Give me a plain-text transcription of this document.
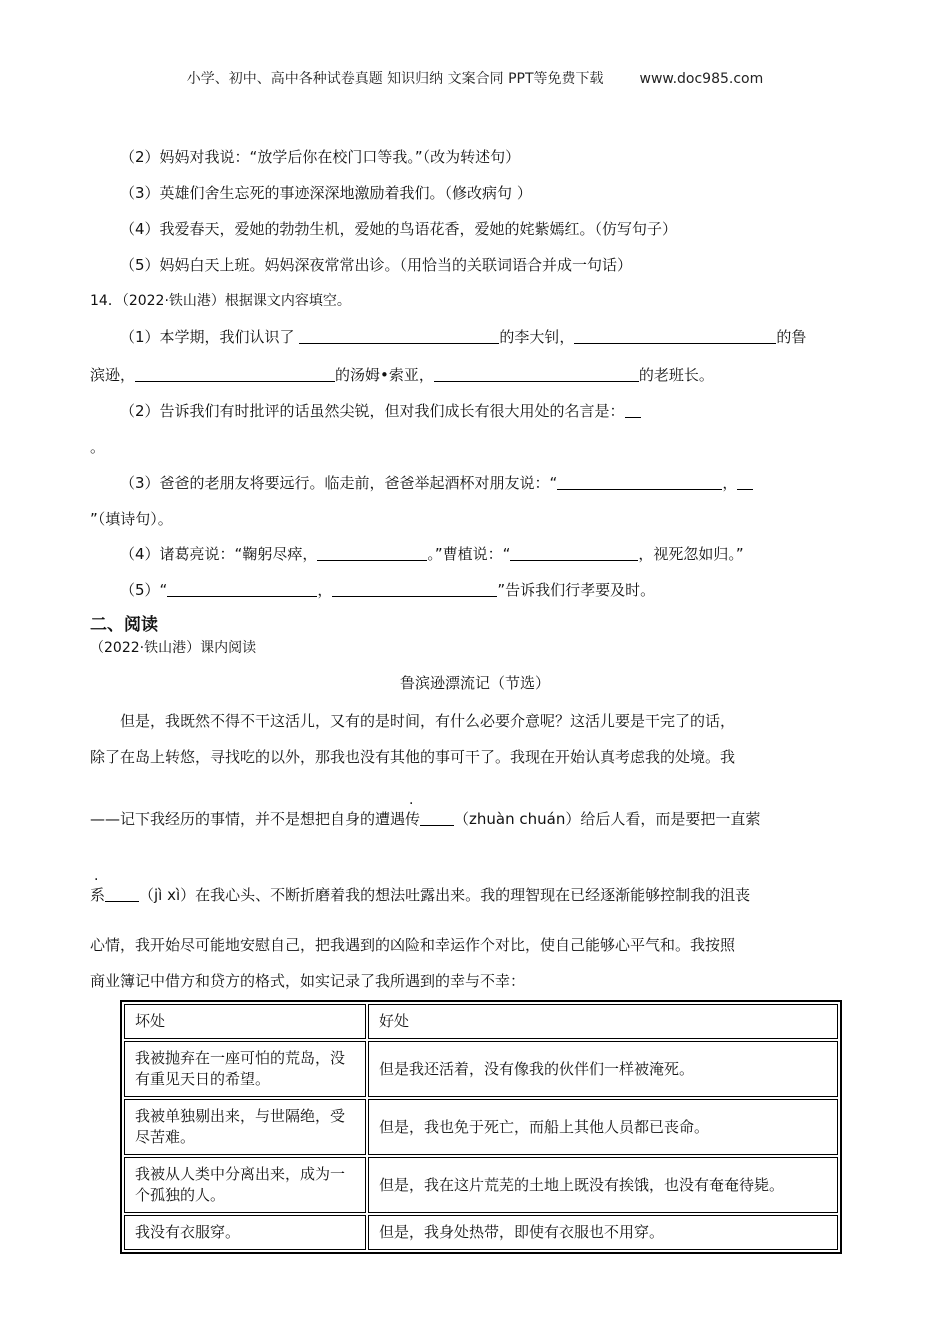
小学、初中、高中各种试卷真题 知识归纳 文案合同 PPT等免费下载	www.doc985.com
（2）妈妈对我说：“放学后你在校门口等我。”（改为转述句）
（3）英雄们舍生忘死的事迹深深地激励着我们。（修改病句 ）
（4）我爱春天，爱她的勃勃生机，爱她的鸟语花香，爱她的姹紫嫣红。（仿写句子）
（5）妈妈白天上班。妈妈深夜常常出诊。（用恰当的关联词语合并成一句话）
14．（2022·铁山港）根据课文内容填空。
（1）本学期，我们认识了	的李大钊，	的鲁
滨逊，	的汤姆•索亚，	的老班长。
（2）告诉我们有时批评的话虽然尖锐，但对我们成长有很大用处的名言是：
。
（3）爸爸的老朋友将要远行。临走前，爸爸举起酒杯对朋友说：“	，
”（填诗句）。
（4）诸葛亮说：“鞠躬尽瘁，	。”曹植说：“	，视死忽如归。”
（5）“	，	”告诉我们行孝要及时。
二、阅读
（2022·铁山港）课内阅读
鲁滨逊漂流记（节选）
但是，我既然不得不干这活儿，又有的是时间，有什么必要介意呢？这活儿要是干完了的话，
除了在岛上转悠，寻找吃的以外，那我也没有其他的事可干了。我现在开始认真考虑我的处境。我
——记下我经历的事情，并不是想把自身的遭遇传 （zhuàn chuán）给后人看，而是要把一直萦
系 （jì xì）在我心头、不断折磨着我的想法吐露出来。我的理智现在已经逐渐能够控制我的沮丧
心情，我开始尽可能地安慰自己，把我遇到的凶险和幸运作个对比，使自己能够心平气和。我按照
商业簿记中借方和贷方的格式，如实记录了我所遇到的幸与不幸：
坏处	好处
我被抛弃在一座可怕的荒岛，没有重见天日的希望。	但是我还活着，没有像我的伙伴们一样被淹死。
我被单独剔出来，与世隔绝，受尽苦难。	但是，我也免于死亡，而船上其他人员都已丧命。
我被从人类中分离出来，成为一个孤独的人。	但是，我在这片荒芜的土地上既没有挨饿，也没有奄奄待毙。
我没有衣服穿。	但是，我身处热带，即使有衣服也不用穿。
